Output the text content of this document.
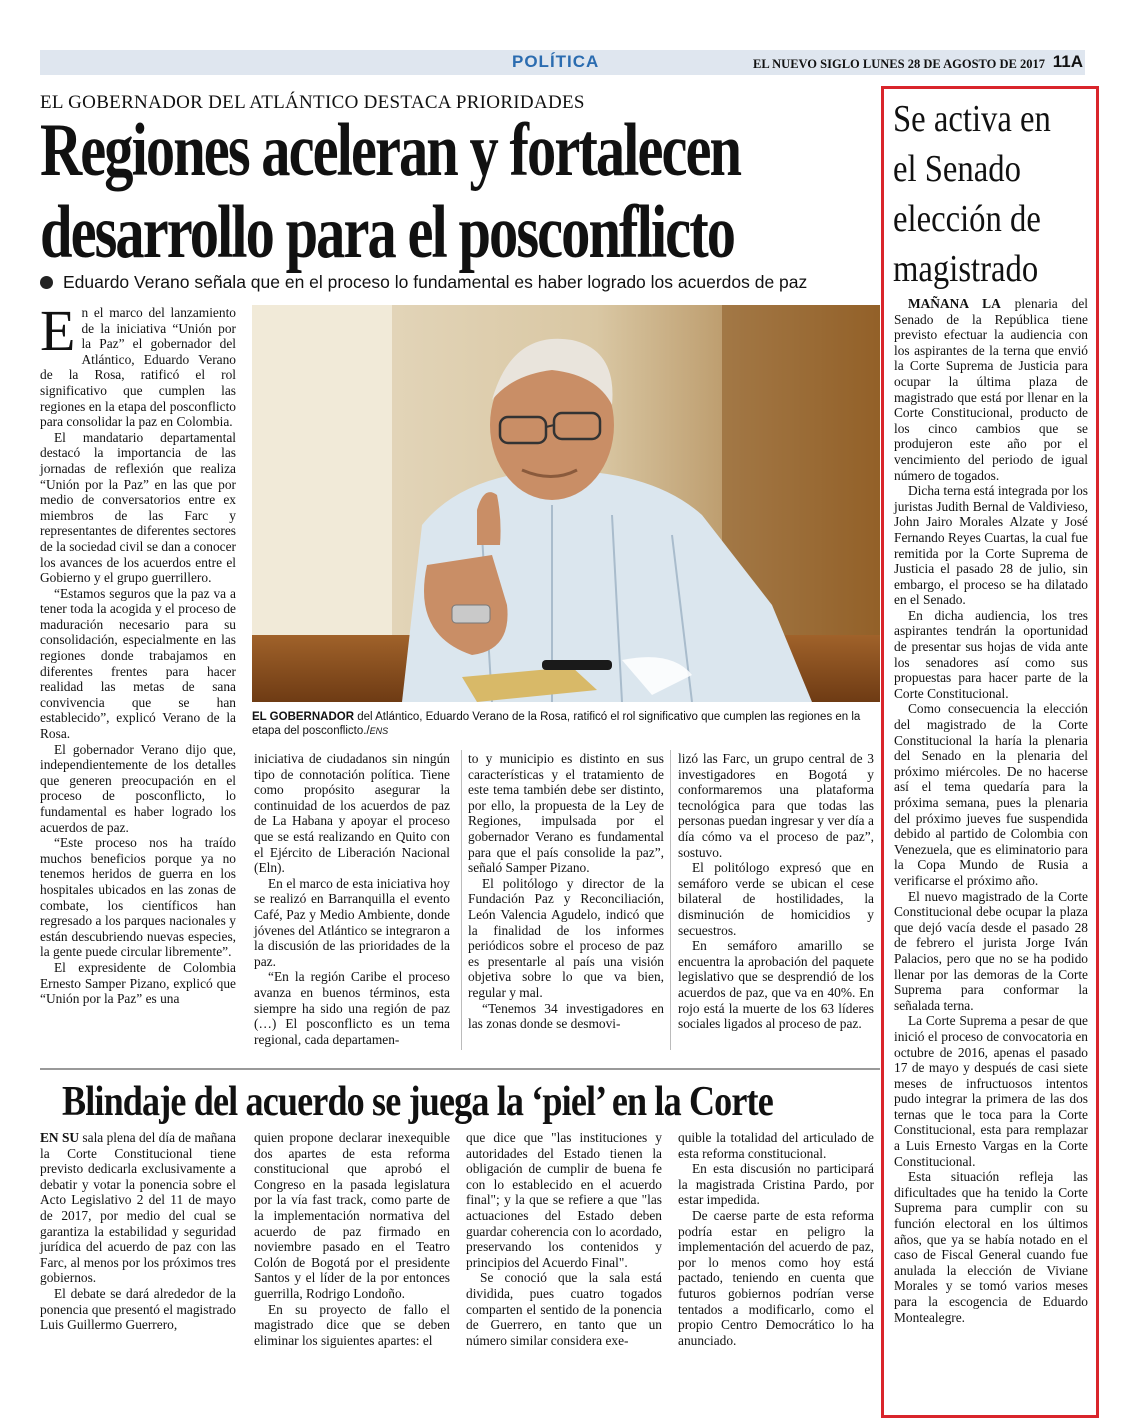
POLÍTICA	EL NUEVO SIGLO LUNES 28 DE AGOSTO DE 2017 11A
EL GOBERNADOR DEL ATLÁNTICO DESTACA PRIORIDADES
Regiones aceleran y fortalecen
desarrollo para el posconflicto
Eduardo Verano señala que en el proceso lo fundamental es haber logrado los acuerdos de paz

En el marco del lanzamiento de la iniciativa “Unión por la Paz” el gobernador del Atlántico, Eduardo Verano de la Rosa, ratificó el rol significativo que cumplen las regiones en la etapa del posconflicto para consolidar la paz en Colombia.

El mandatario departamental destacó la importancia de las jornadas de reflexión que realiza “Unión por la Paz” en las que por medio de conversatorios entre ex miembros de las Farc y representantes de diferentes sectores de la sociedad civil se dan a conocer los avances de los acuerdos entre el Gobierno y el grupo guerrillero.

“Estamos seguros que la paz va a tener toda la acogida y el proceso de maduración necesario para su consolidación, especialmente en las regiones donde trabajamos en diferentes frentes para hacer realidad las metas de sana convivencia que se han establecido”, explicó Verano de la Rosa.

El gobernador Verano dijo que, independientemente de los detalles que generen preocupación en el proceso de posconflicto, lo fundamental es haber logrado los acuerdos de paz.

“Este proceso nos ha traído muchos beneficios porque ya no tenemos heridos de guerra en los hospitales ubicados en las zonas de combate, los científicos han regresado a los parques nacionales y están descubriendo nuevas especies, la gente puede circular libremente”.

El expresidente de Colombia Ernesto Samper Pizano, explicó que “Unión por la Paz” es una

EL GOBERNADOR del Atlántico, Eduardo Verano de la Rosa, ratificó el rol significativo que cumplen las regiones en la etapa del posconflicto./ENS

iniciativa de ciudadanos sin ningún tipo de connotación política. Tiene como propósito asegurar la continuidad de los acuerdos de paz de La Habana y apoyar el proceso que se está realizando en Quito con el Ejército de Liberación Nacional (Eln).

En el marco de esta iniciativa hoy se realizó en Barranquilla el evento Café, Paz y Medio Ambiente, donde jóvenes del Atlántico se integraron a la discusión de las prioridades de la paz.

“En la región Caribe el proceso avanza en buenos términos, esta siempre ha sido una región de paz (…) El posconflicto es un tema regional, cada departamen-

to y municipio es distinto en sus características y el tratamiento de este tema también debe ser distinto, por ello, la propuesta de la Ley de Regiones, impulsada por el gobernador Verano es fundamental para que el país consolide la paz”, señaló Samper Pizano.

El politólogo y director de la Fundación Paz y Reconciliación, León Valencia Agudelo, indicó que la finalidad de los informes periódicos sobre el proceso de paz es presentarle al país una visión objetiva sobre lo que va bien, regular y mal.

“Tenemos 34 investigadores en las zonas donde se desmovi-

lizó las Farc, un grupo central de 3 investigadores en Bogotá y conformaremos una plataforma tecnológica para que todas las personas puedan ingresar y ver día a día cómo va el proceso de paz”, sostuvo.

El politólogo expresó que en semáforo verde se ubican el cese bilateral de hostilidades, la disminución de homicidios y secuestros.

En semáforo amarillo se encuentra la aprobación del paquete legislativo que se desprendió de los acuerdos de paz, que va en 40%. En rojo está la muerte de los 63 líderes sociales ligados al proceso de paz.

Blindaje del acuerdo se juega la ‘piel’ en la Corte

EN SU sala plena del día de mañana la Corte Constitucional tiene previsto dedicarla exclusivamente a debatir y votar la ponencia sobre el Acto Legislativo 2 del 11 de mayo de 2017, por medio del cual se garantiza la estabilidad y seguridad jurídica del acuerdo de paz con las Farc, al menos por los próximos tres gobiernos.

El debate se dará alrededor de la ponencia que presentó el magistrado Luis Guillermo Guerrero,

quien propone declarar inexequible dos apartes de esta reforma constitucional que aprobó el Congreso en la pasada legislatura por la vía fast track, como parte de la implementación normativa del acuerdo de paz firmado en noviembre pasado en el Teatro Colón de Bogotá por el presidente Santos y el líder de la por entonces guerrilla, Rodrigo Londoño.

En su proyecto de fallo el magistrado dice que se deben eliminar los siguientes apartes: el

que dice que "las instituciones y autoridades del Estado tienen la obligación de cumplir de buena fe con lo establecido en el acuerdo final"; y la que se refiere a que "las actuaciones del Estado deben guardar coherencia con lo acordado, preservando los contenidos y principios del Acuerdo Final".

Se conoció que la sala está dividida, pues cuatro togados comparten el sentido de la ponencia de Guerrero, en tanto que un número similar considera exe-

quible la totalidad del articulado de esta reforma constitucional.

En esta discusión no participará la magistrada Cristina Pardo, por estar impedida.

De caerse parte de esta reforma podría estar en peligro la implementación del acuerdo de paz, por lo menos como hoy está pactado, teniendo en cuenta que futuros gobiernos podrían verse tentados a modificarlo, como el propio Centro Democrático lo ha anunciado.

Se activa en
el Senado
elección de
magistrado

MAÑANA LA plenaria del Senado de la República tiene previsto efectuar la audiencia con los aspirantes de la terna que envió la Corte Suprema de Justicia para ocupar la última plaza de magistrado que está por llenar en la Corte Constitucional, producto de los cinco cambios que se produjeron este año por el vencimiento del periodo de igual número de togados.

Dicha terna está integrada por los juristas Judith Bernal de Valdivieso, John Jairo Morales Alzate y José Fernando Reyes Cuartas, la cual fue remitida por la Corte Suprema de Justicia el pasado 28 de julio, sin embargo, el proceso se ha dilatado en el Senado.

En dicha audiencia, los tres aspirantes tendrán la oportunidad de presentar sus hojas de vida ante los senadores así como sus propuestas para hacer parte de la Corte Constitucional.

Como consecuencia la elección del magistrado de la Corte Constitucional la haría la plenaria del Senado en la plenaria del próximo miércoles. De no hacerse así el tema quedaría para la próxima semana, pues la plenaria del próximo jueves fue suspendida debido al partido de Colombia con Venezuela, que es eliminatorio para la Copa Mundo de Rusia a verificarse el próximo año.

El nuevo magistrado de la Corte Constitucional debe ocupar la plaza que dejó vacía desde el pasado 28 de febrero el jurista Jorge Iván Palacios, pero que no se ha podido llenar por las demoras de la Corte Suprema para conformar la señalada terna.

La Corte Suprema a pesar de que inició el proceso de convocatoria en octubre de 2016, apenas el pasado 17 de mayo y después de casi siete meses de infructuosos intentos pudo integrar la primera de las dos ternas que le toca para la Corte Constitucional, esta para remplazar a Luis Ernesto Vargas en la Corte Constitucional.

Esta situación refleja las dificultades que ha tenido la Corte Suprema para cumplir con su función electoral en los últimos años, que ya se había notado en el caso de Fiscal General cuando fue anulada la elección de Viviane Morales y se tomó varios meses para la escogencia de Eduardo Montealegre.
